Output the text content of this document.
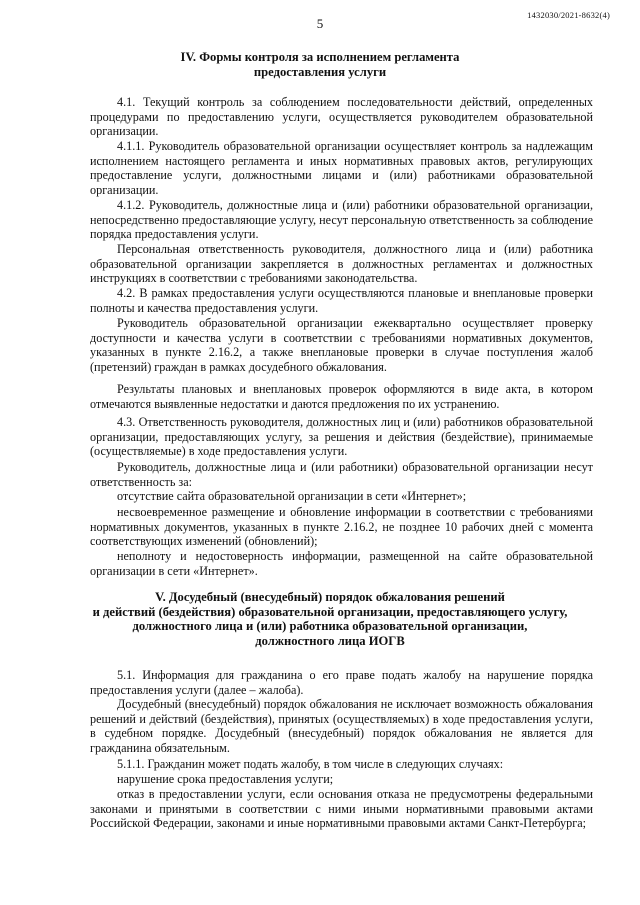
5
1432030/2021-8632(4)
IV. Формы контроля за исполнением регламента
предоставления услуги

4.1. Текущий контроль за соблюдением последовательности действий, определенных процедурами по предоставлению услуги, осуществляется руководителем образовательной организации.

4.1.1. Руководитель образовательной организации осуществляет контроль за надлежащим исполнением настоящего регламента и иных нормативных правовых актов, регулирующих предоставление услуги, должностными лицами и (или) работниками образовательной организации.

4.1.2. Руководитель, должностные лица и (или) работники образовательной организации, непосредственно предоставляющие услугу, несут персональную ответственность за соблюдение порядка предоставления услуги.

Персональная ответственность руководителя, должностного лица и (или) работника образовательной организации закрепляется в должностных регламентах и должностных инструкциях в соответствии с требованиями законодательства.

4.2. В рамках предоставления услуги осуществляются плановые и внеплановые проверки полноты и качества предоставления услуги.

Руководитель образовательной организации ежеквартально осуществляет проверку доступности и качества услуги в соответствии с требованиями нормативных документов, указанных в пункте 2.16.2, а также внеплановые проверки в случае поступления жалоб (претензий) граждан в рамках досудебного обжалования.

Результаты плановых и внеплановых проверок оформляются в виде акта, в котором отмечаются выявленные недостатки и даются предложения по их устранению.

4.3. Ответственность руководителя, должностных лиц и (или) работников образовательной организации, предоставляющих услугу, за решения и действия (бездействие), принимаемые (осуществляемые) в ходе предоставления услуги.

Руководитель, должностные лица и (или работники) образовательной организации несут ответственность за:

отсутствие сайта образовательной организации в сети «Интернет»;

несвоевременное размещение и обновление информации в соответствии с требованиями нормативных документов, указанных в пункте 2.16.2, не позднее 10 рабочих дней с момента соответствующих изменений (обновлений);

неполноту и недостоверность информации, размещенной на сайте образовательной организации в сети «Интернет».

V. Досудебный (внесудебный) порядок обжалования решений
и действий (бездействия) образовательной организации, предоставляющего услугу,
должностного лица и (или) работника образовательной организации,
должностного лица ИОГВ

5.1. Информация для гражданина о его праве подать жалобу на нарушение порядка предоставления услуги (далее – жалоба).

Досудебный (внесудебный) порядок обжалования не исключает возможность обжалования решений и действий (бездействия), принятых (осуществляемых) в ходе предоставления услуги, в судебном порядке. Досудебный (внесудебный) порядок обжалования не является для гражданина обязательным.

5.1.1. Гражданин может подать жалобу, в том числе в следующих случаях:

нарушение срока предоставления услуги;

отказ в предоставлении услуги, если основания отказа не предусмотрены федеральными законами и принятыми в соответствии с ними иными нормативными правовыми актами Российской Федерации, законами и иные нормативными правовыми актами Санкт-Петербурга;
